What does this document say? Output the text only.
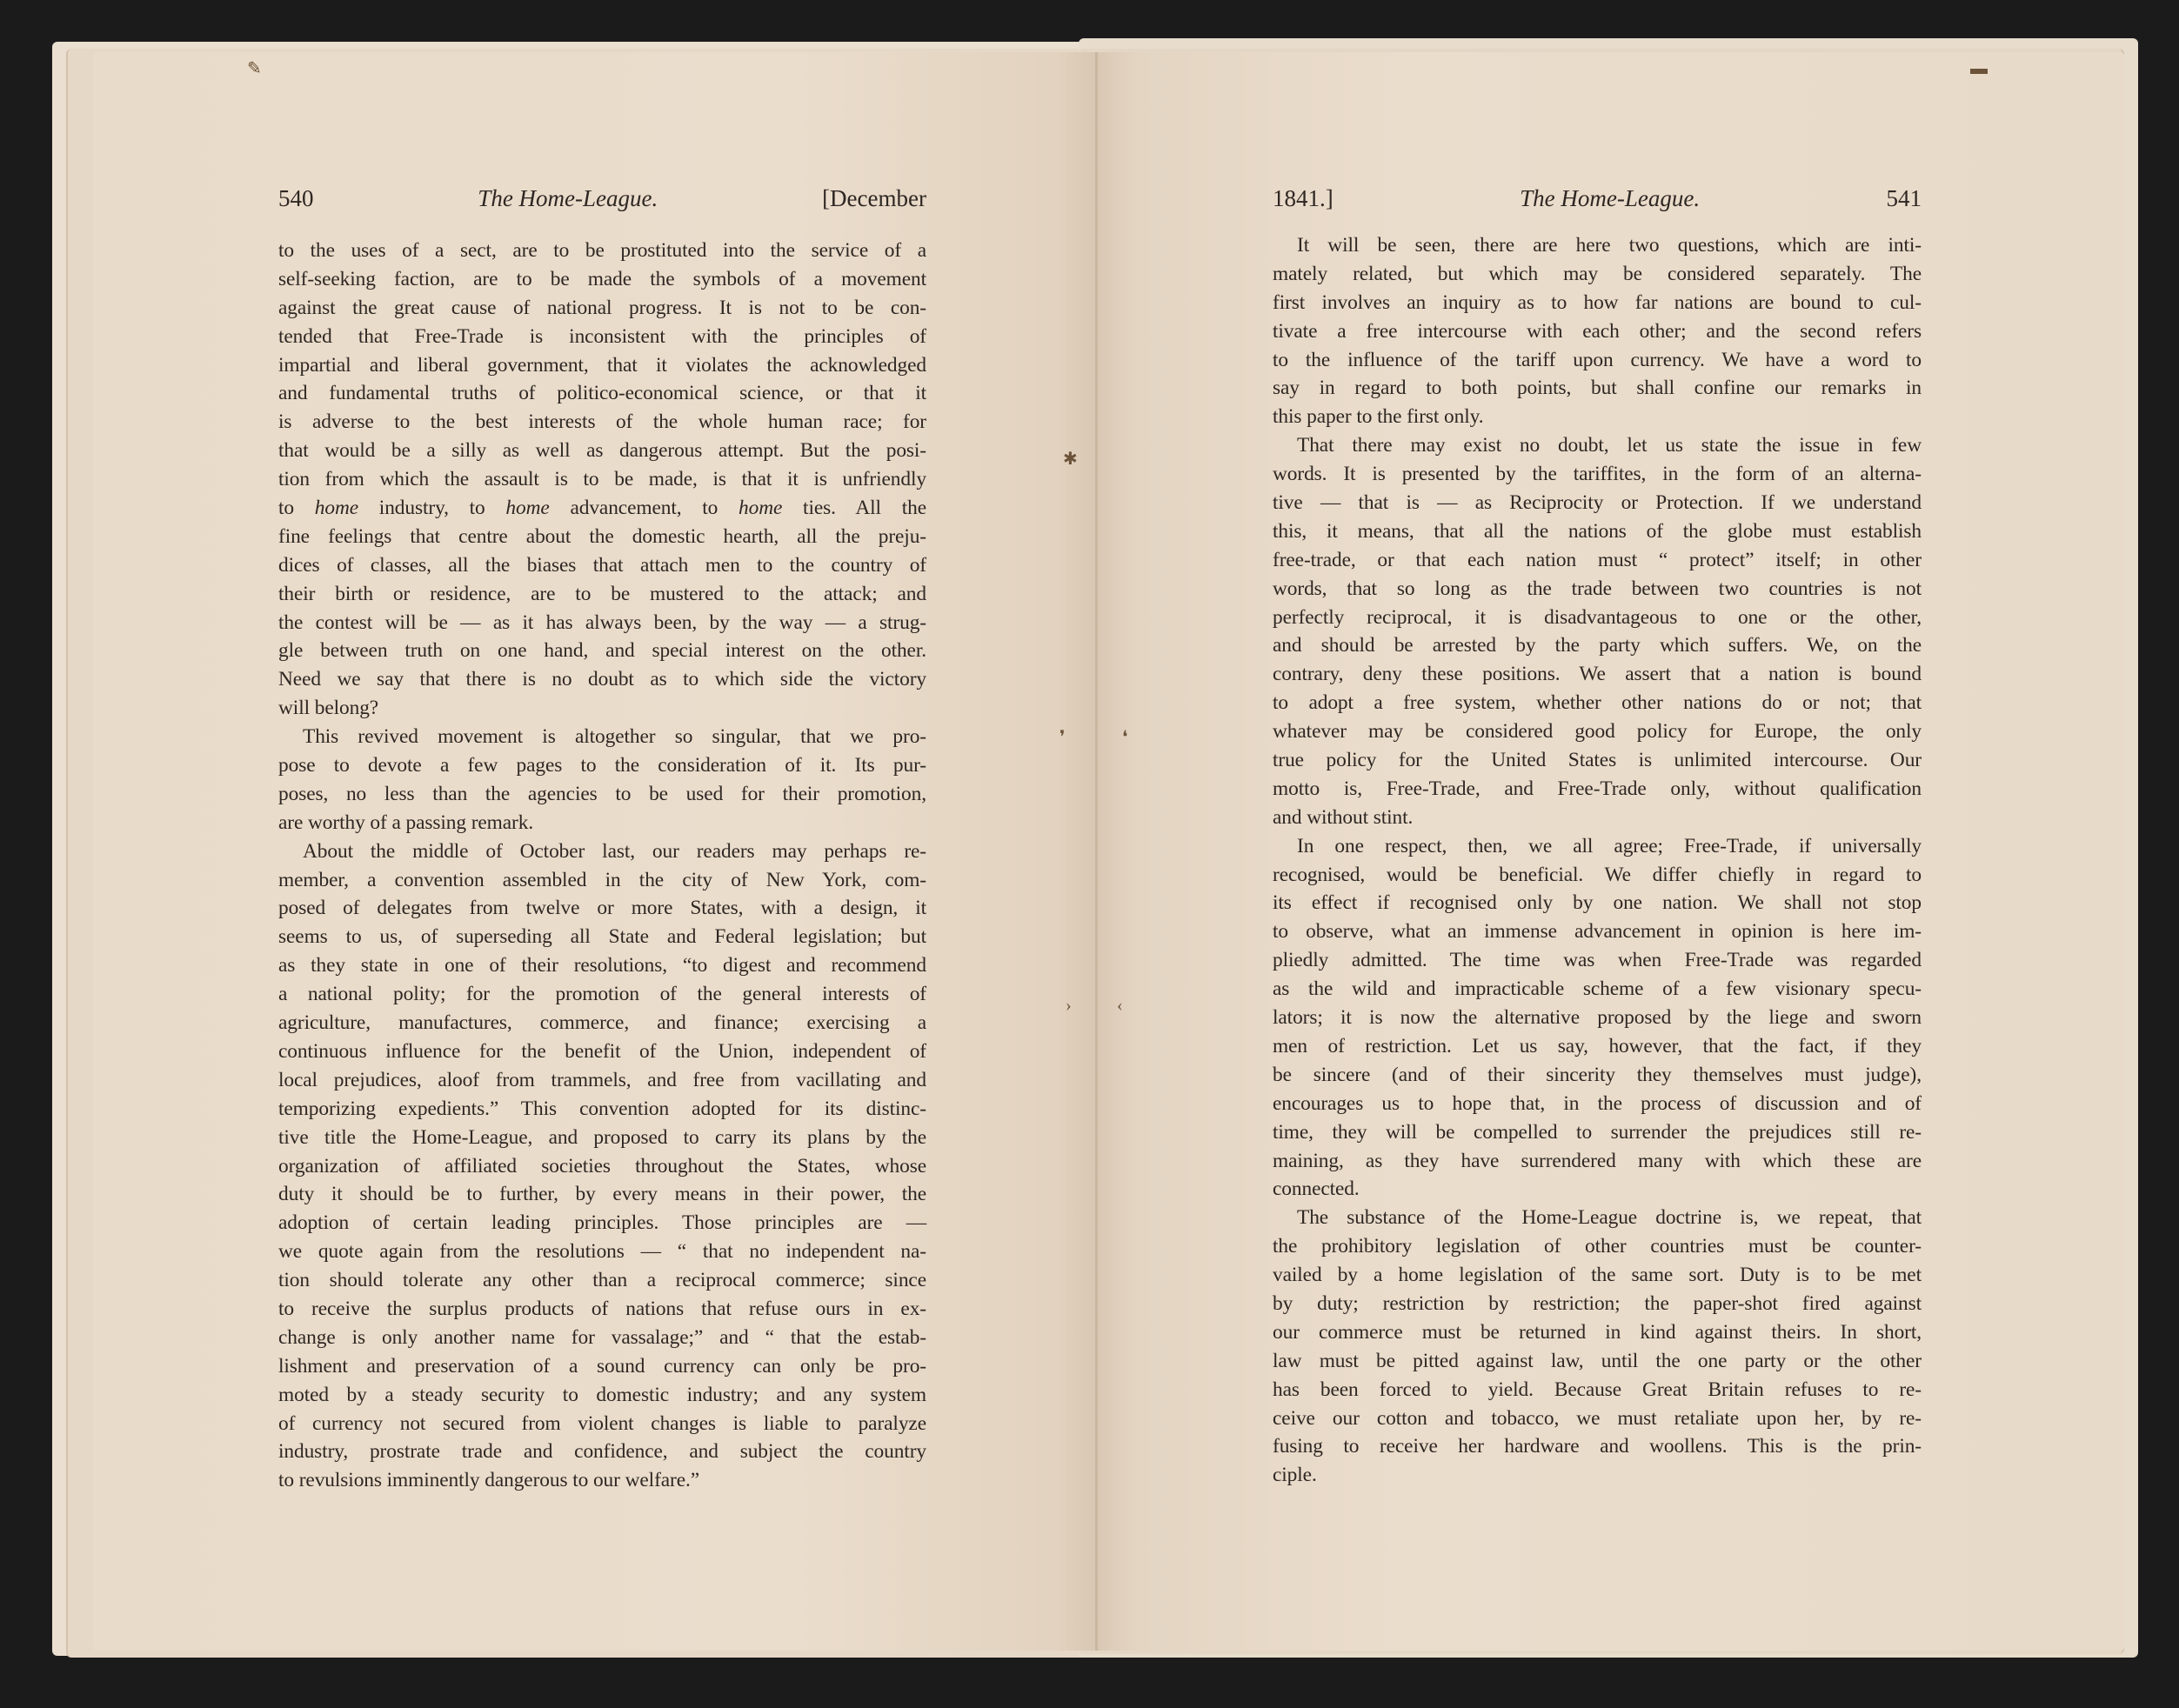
✎	▬
✱
❜	❛
›	‹
540	The Home-League.	[December	1841.]	The Home-League.	541
to the uses of a sect, are to be prostituted into the service of a
self-seeking faction, are to be made the symbols of a movement
against the great cause of national progress. It is not to be con-
tended that Free-Trade is inconsistent with the principles of
impartial and liberal government, that it violates the acknowledged
and fundamental truths of politico-economical science, or that it
is adverse to the best interests of the whole human race; for
that would be a silly as well as dangerous attempt. But the posi-
tion from which the assault is to be made, is that it is unfriendly
to home industry, to home advancement, to home ties. All the
fine feelings that centre about the domestic hearth, all the preju-
dices of classes, all the biases that attach men to the country of
their birth or residence, are to be mustered to the attack; and
the contest will be — as it has always been, by the way — a strug-
gle between truth on one hand, and special interest on the other.
Need we say that there is no doubt as to which side the victory
will belong?
This revived movement is altogether so singular, that we pro-
pose to devote a few pages to the consideration of it. Its pur-
poses, no less than the agencies to be used for their promotion,
are worthy of a passing remark.
About the middle of October last, our readers may perhaps re-
member, a convention assembled in the city of New York, com-
posed of delegates from twelve or more States, with a design, it
seems to us, of superseding all State and Federal legislation; but
as they state in one of their resolutions, “to digest and recommend
a national polity; for the promotion of the general interests of
agriculture, manufactures, commerce, and finance; exercising a
continuous influence for the benefit of the Union, independent of
local prejudices, aloof from trammels, and free from vacillating and
temporizing expedients.” This convention adopted for its distinc-
tive title the Home-League, and proposed to carry its plans by the
organization of affiliated societies throughout the States, whose
duty it should be to further, by every means in their power, the
adoption of certain leading principles. Those principles are —
we quote again from the resolutions — “ that no independent na-
tion should tolerate any other than a reciprocal commerce; since
to receive the surplus products of nations that refuse ours in ex-
change is only another name for vassalage;” and “ that the estab-
lishment and preservation of a sound currency can only be pro-
moted by a steady security to domestic industry; and any system
of currency not secured from violent changes is liable to paralyze
industry, prostrate trade and confidence, and subject the country
to revulsions imminently dangerous to our welfare.”
It will be seen, there are here two questions, which are inti-
mately related, but which may be considered separately. The
first involves an inquiry as to how far nations are bound to cul-
tivate a free intercourse with each other; and the second refers
to the influence of the tariff upon currency. We have a word to
say in regard to both points, but shall confine our remarks in
this paper to the first only.
That there may exist no doubt, let us state the issue in few
words. It is presented by the tariffites, in the form of an alterna-
tive — that is — as Reciprocity or Protection. If we understand
this, it means, that all the nations of the globe must establish
free-trade, or that each nation must “ protect” itself; in other
words, that so long as the trade between two countries is not
perfectly reciprocal, it is disadvantageous to one or the other,
and should be arrested by the party which suffers. We, on the
contrary, deny these positions. We assert that a nation is bound
to adopt a free system, whether other nations do or not; that
whatever may be considered good policy for Europe, the only
true policy for the United States is unlimited intercourse. Our
motto is, Free-Trade, and Free-Trade only, without qualification
and without stint.
In one respect, then, we all agree; Free-Trade, if universally
recognised, would be beneficial. We differ chiefly in regard to
its effect if recognised only by one nation. We shall not stop
to observe, what an immense advancement in opinion is here im-
pliedly admitted. The time was when Free-Trade was regarded
as the wild and impracticable scheme of a few visionary specu-
lators; it is now the alternative proposed by the liege and sworn
men of restriction. Let us say, however, that the fact, if they
be sincere (and of their sincerity they themselves must judge),
encourages us to hope that, in the process of discussion and of
time, they will be compelled to surrender the prejudices still re-
maining, as they have surrendered many with which these are
connected.
The substance of the Home-League doctrine is, we repeat, that
the prohibitory legislation of other countries must be counter-
vailed by a home legislation of the same sort. Duty is to be met
by duty; restriction by restriction; the paper-shot fired against
our commerce must be returned in kind against theirs. In short,
law must be pitted against law, until the one party or the other
has been forced to yield. Because Great Britain refuses to re-
ceive our cotton and tobacco, we must retaliate upon her, by re-
fusing to receive her hardware and woollens. This is the prin-
ciple.
